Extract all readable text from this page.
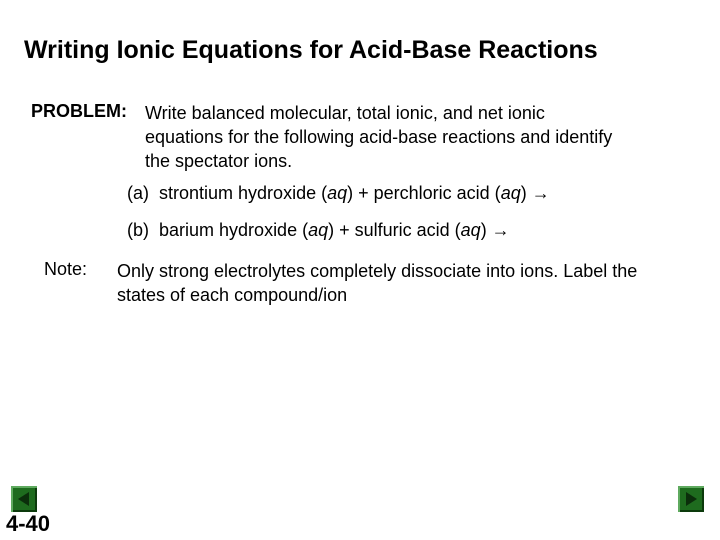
Writing Ionic Equations for Acid-Base Reactions
PROBLEM: Write balanced molecular, total ionic, and net ionic
equations for the following acid-base reactions and identify
the spectator ions.
(a) strontium hydroxide (aq) + perchloric acid (aq) →
(b) barium hydroxide (aq) + sulfuric acid (aq) →
Note: Only strong electrolytes completely dissociate into ions. Label the states of each compound/ion
4-40
